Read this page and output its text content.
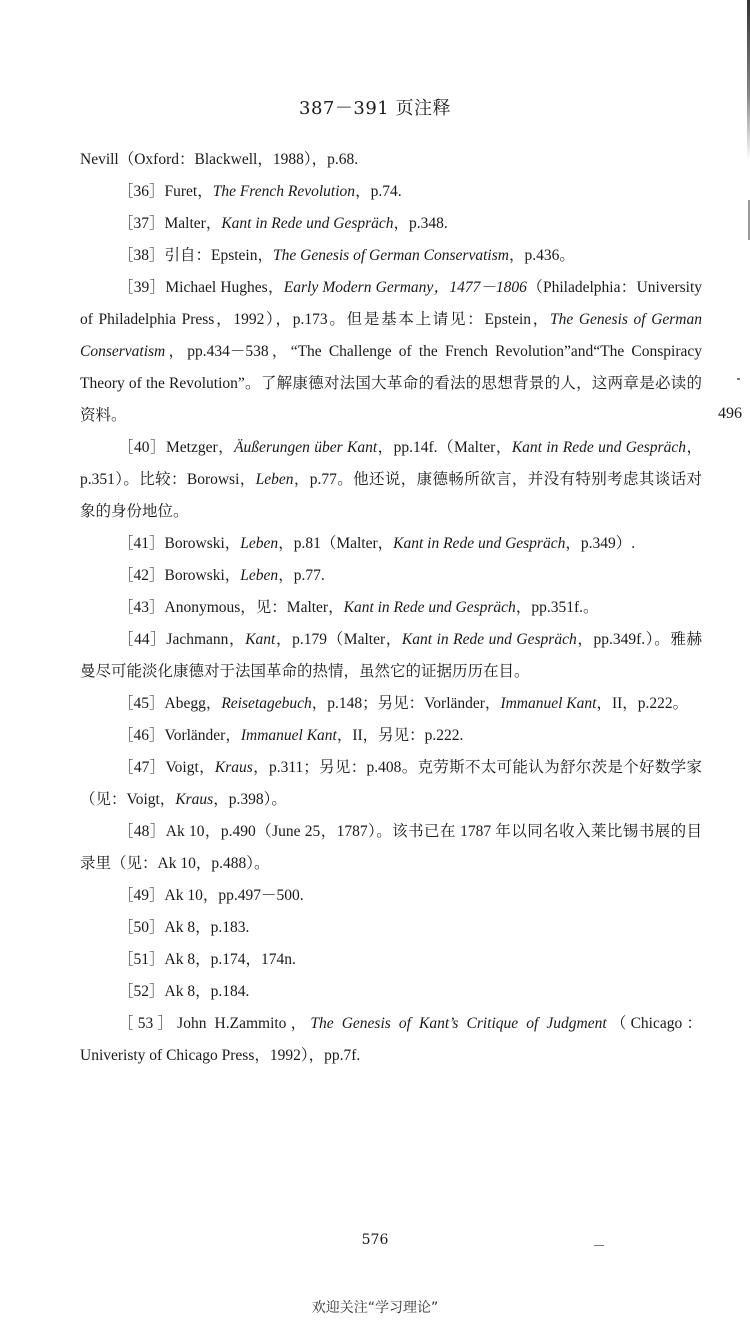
387－391 页注释
496

Nevill（Oxford：Blackwell，1988），p.68.

［36］Furet，The French Revolution，p.74.

［37］Malter，Kant in Rede und Gespräch，p.348.

［38］引自：Epstein，The Genesis of German Conservatism，p.436。

［39］Michael Hughes，Early Modern Germany，1477－1806（Philadelphia：University of Philadelphia Press，1992），p.173。但是基本上请见：Epstein，The Genesis of German Conservatism，pp.434－538，“The Challenge of the French Revolution”and“The Conspiracy Theory of the Revolution”。了解康德对法国大革命的看法的思想背景的人，这两章是必读的资料。

［40］Metzger，Äußerungen über Kant，pp.14f.（Malter，Kant in Rede und Gespräch，p.351）。比较：Borowsi，Leben，p.77。他还说，康德畅所欲言，并没有特别考虑其谈话对象的身份地位。

［41］Borowski，Leben，p.81（Malter，Kant in Rede und Gespräch，p.349）.

［42］Borowski，Leben，p.77.

［43］Anonymous，见：Malter，Kant in Rede und Gespräch，pp.351f.。

［44］Jachmann，Kant，p.179（Malter，Kant in Rede und Gespräch，pp.349f.）。雅赫曼尽可能淡化康德对于法国革命的热情，虽然它的证据历历在目。

［45］Abegg，Reisetagebuch，p.148；另见：Vorländer，Immanuel Kant，II，p.222。

［46］Vorländer，Immanuel Kant，II，另见：p.222.

［47］Voigt，Kraus，p.311；另见：p.408。克劳斯不太可能认为舒尔茨是个好数学家（见：Voigt，Kraus，p.398）。

［48］Ak 10，p.490（June 25，1787）。该书已在 1787 年以同名收入莱比锡书展的目录里（见：Ak 10，p.488）。

［49］Ak 10，pp.497－500.

［50］Ak 8，p.183.

［51］Ak 8，p.174，174n.

［52］Ak 8，p.184.

［53］John H.Zammito，The Genesis of Kant’s Critique of Judgment（Chicago：Univeristy of Chicago Press，1992），pp.7f.

576
欢迎关注“学习理论”
